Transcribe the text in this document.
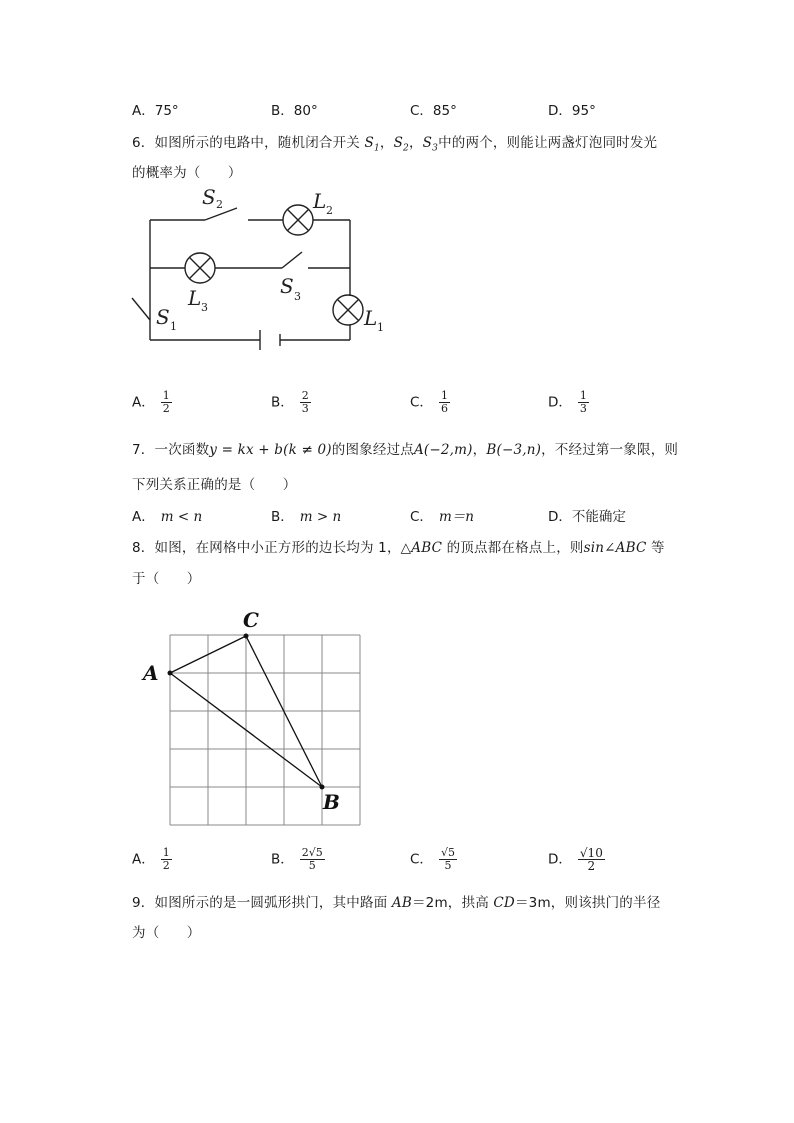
A．75°	B．80°	C．85°	D．95°
6．如图所示的电路中，随机闭合开关 $S_1$，$S_2$，$S_3$中的两个，则能让两盏灯泡同时发光
的概率为（　　）
S 2	L 2
L 3
S 3
S 1	L 1
A． $\frac{1}{2}$	B． $\frac{2}{3}$	C． $\frac{1}{6}$	D． $\frac{1}{3}$
7．一次函数y = kx + b(k ≠ 0)的图象经过点A(−2,m)，B(−3,n)，不经过第一象限，则
下列关系正确的是（　　）
A． m < n	B． m > n	C． m＝n	D．不能确定
8．如图，在网格中小正方形的边长均为 1，△ABC 的顶点都在格点上，则sin∠ABC 等
于（　　）
A
C
B
A． $\frac{1}{2}$	B． $\frac{2√5}{5}$	C． $\frac{√5}{5}$	D． $\frac{√10}{2}$
9．如图所示的是一圆弧形拱门，其中路面 AB＝2m，拱高 CD＝3m，则该拱门的半径
为（　　）
